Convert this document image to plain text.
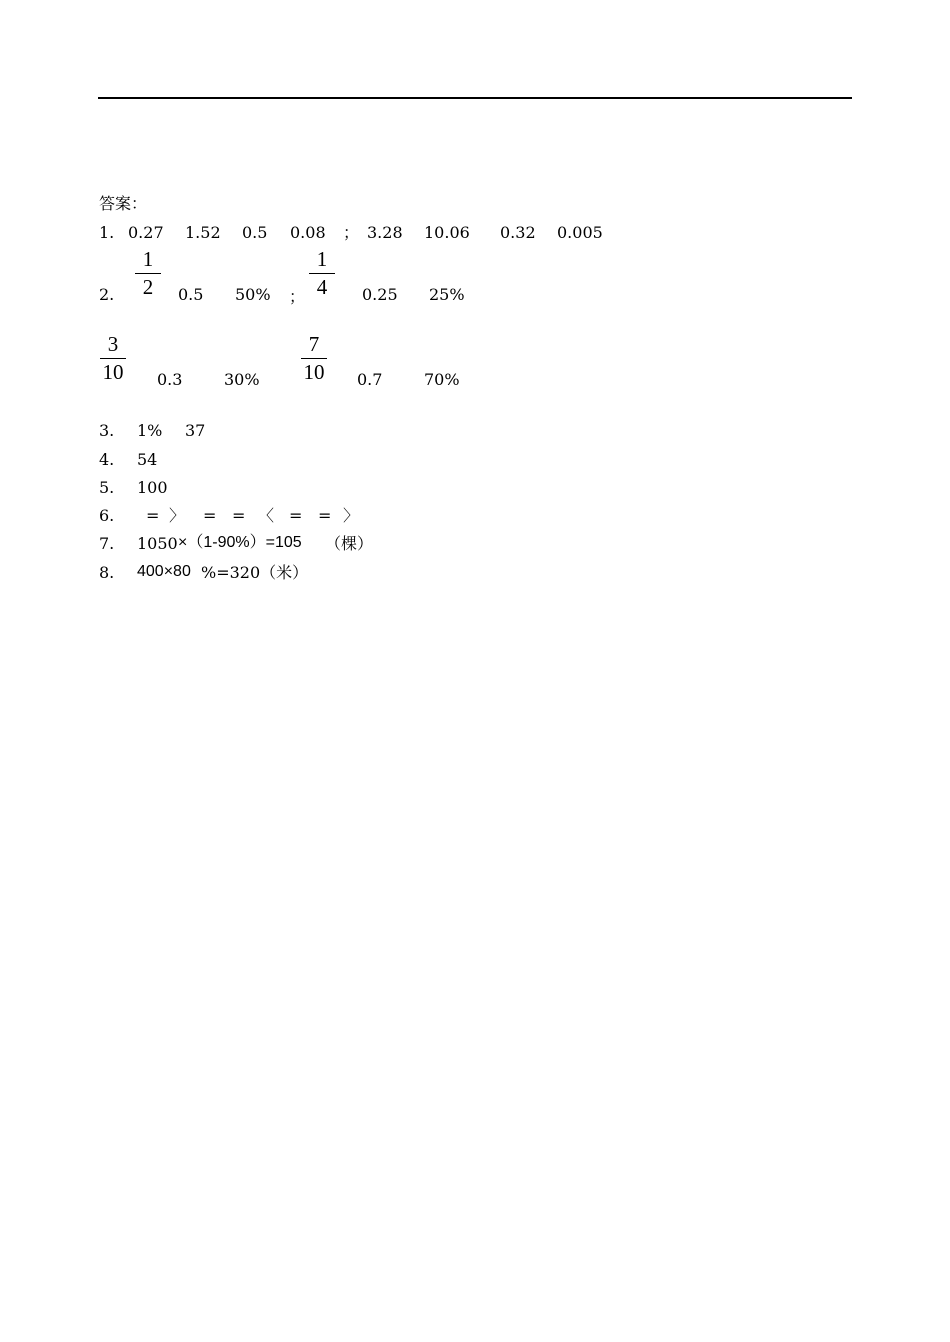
答案：
1. 0.27 1.52 0.5 0.08 ； 3.28 10.06 0.32 0.005
2.
1
2	0.5 50% ；
1
4	0.25 25%
3
10 0.3	30%
7
10 0.7	70%
3. 1% 37
4. 54
5. 100
6. = 〉 = = 〈 = = 〉
7. 1050 ×（1-90%）=105 （棵）
8. 400×80 %=320（米）
